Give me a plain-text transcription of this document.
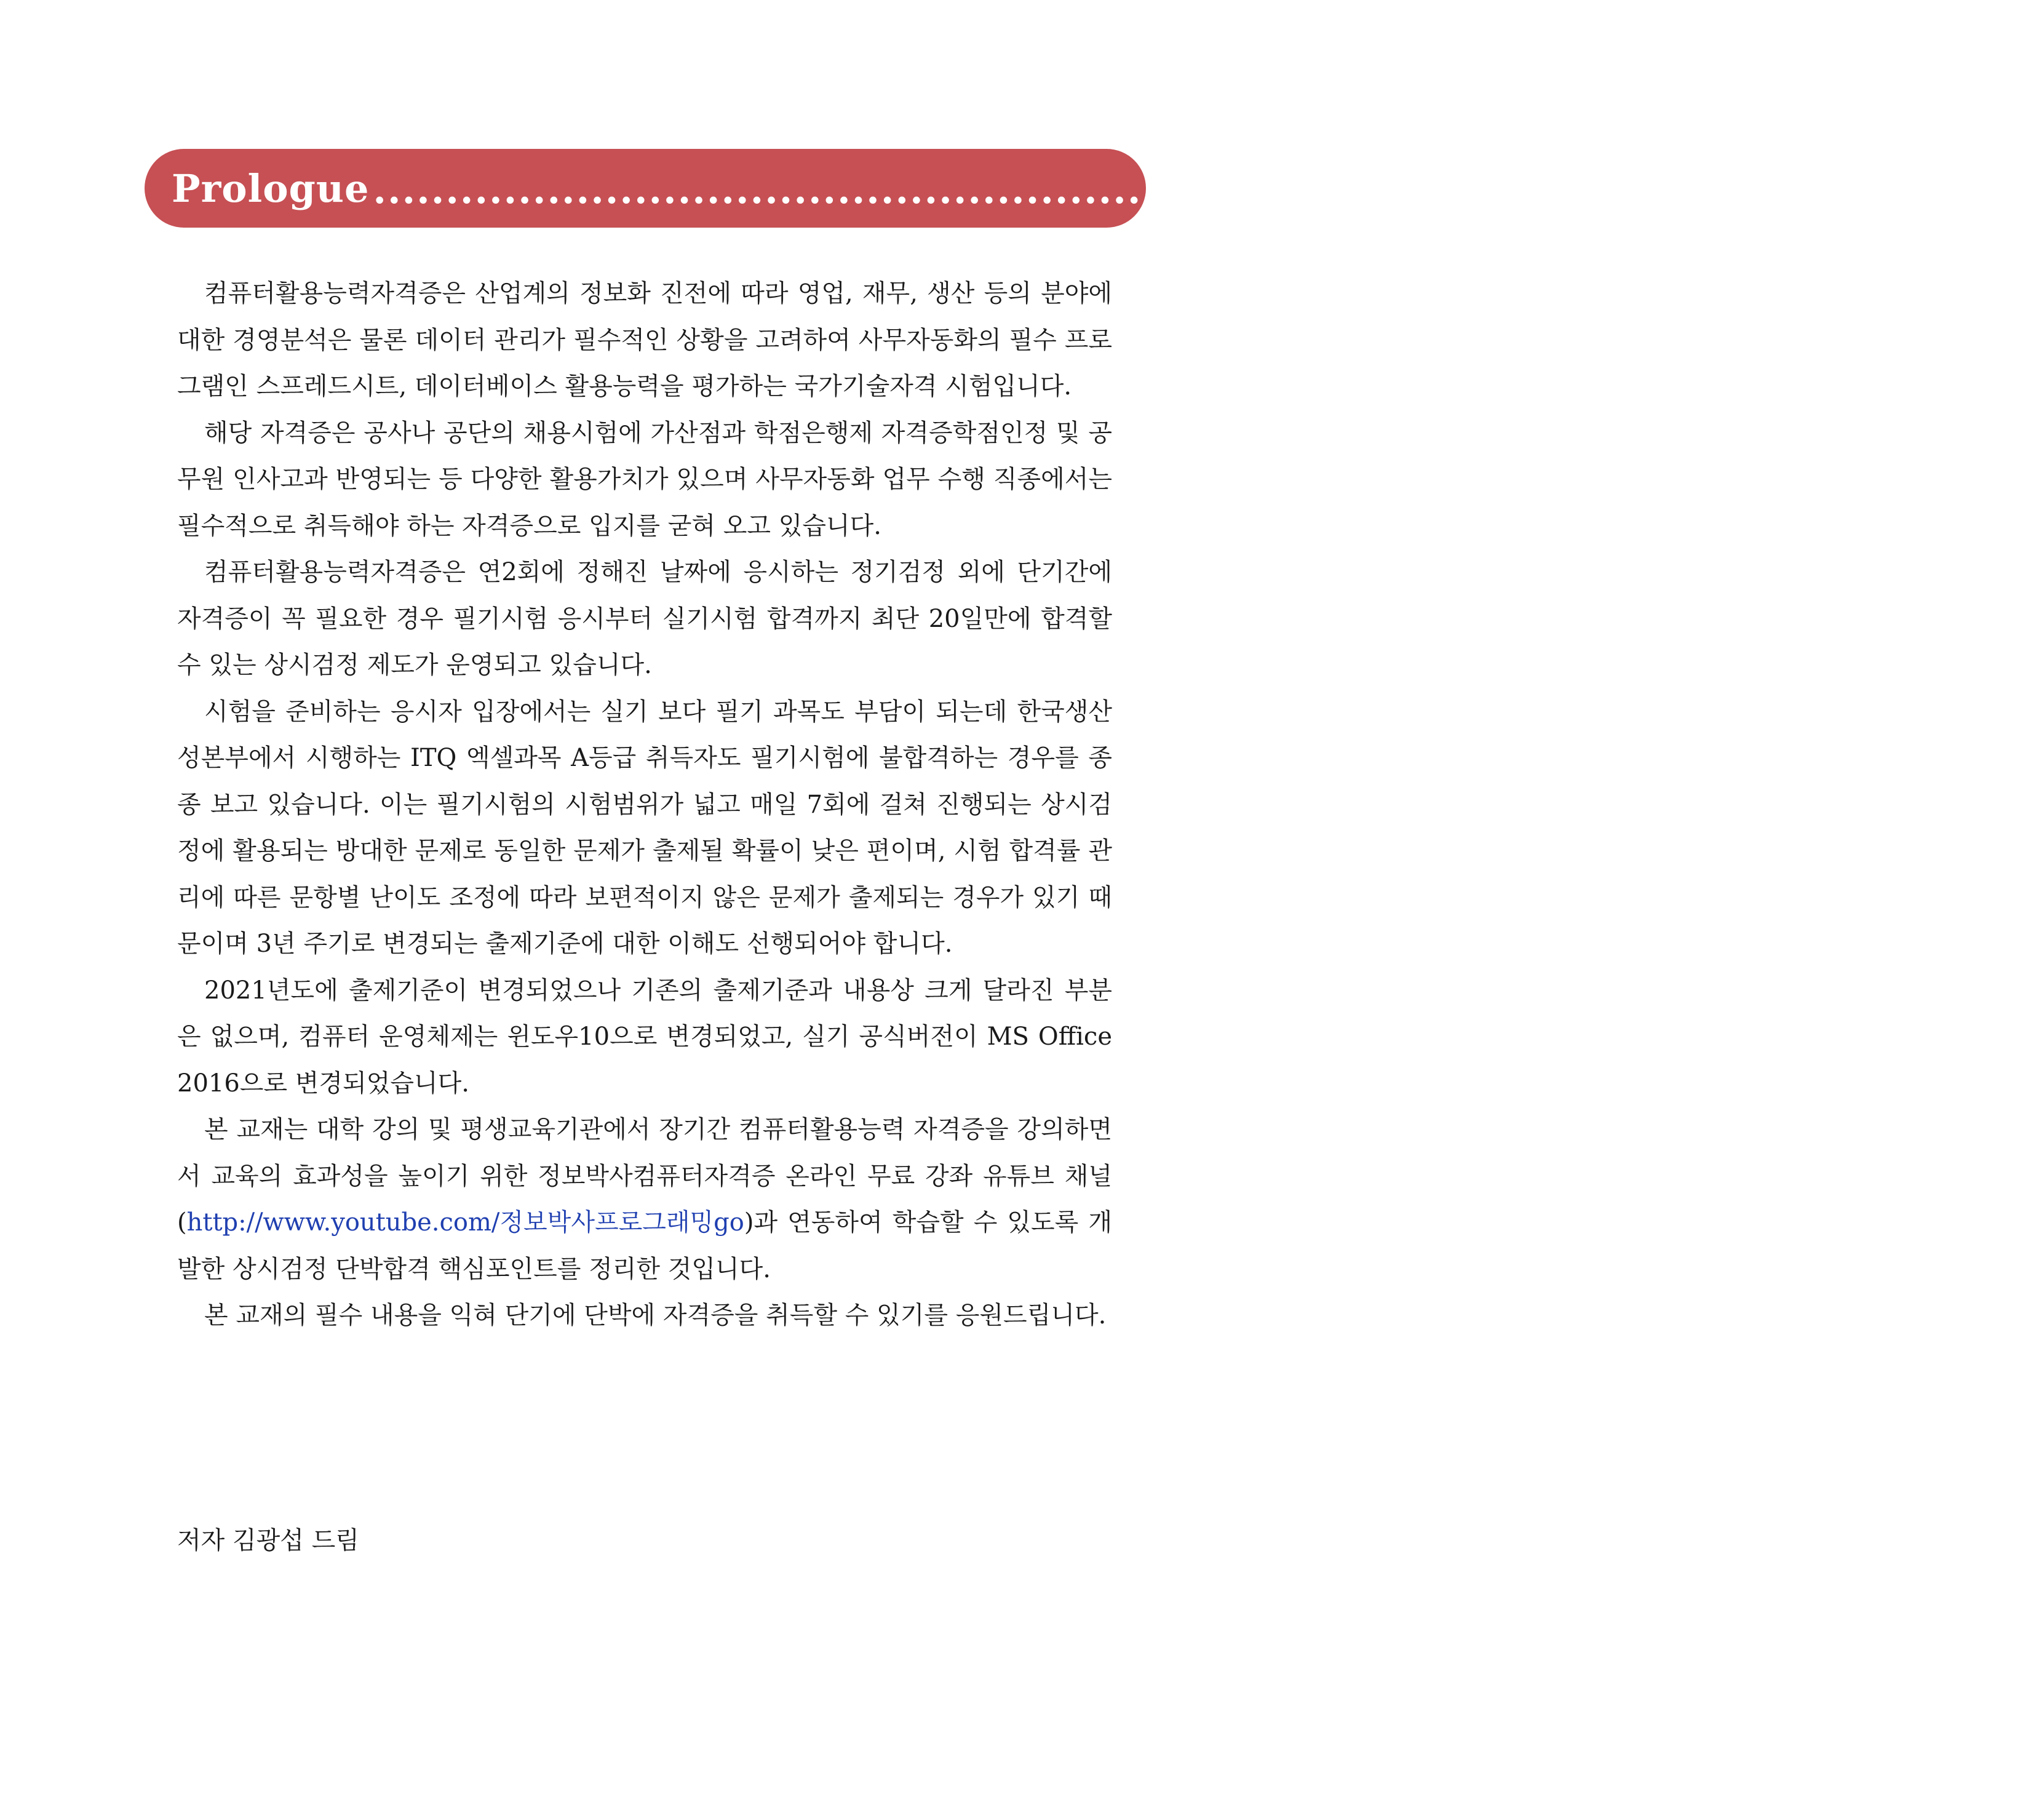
Prologue .............................................................................................................. 서문

컴퓨터활용능력자격증은 산업계의 정보화 진전에 따라 영업, 재무, 생산 등의 분야에 대한 경영분석은 물론 데이터 관리가 필수적인 상황을 고려하여 사무자동화의 필수 프로그램인 스프레드시트, 데이터베이스 활용능력을 평가하는 국가기술자격 시험입니다.

해당 자격증은 공사나 공단의 채용시험에 가산점과 학점은행제 자격증학점인정 및 공무원 인사고과 반영되는 등 다양한 활용가치가 있으며 사무자동화 업무 수행 직종에서는 필수적으로 취득해야 하는 자격증으로 입지를 굳혀 오고 있습니다.

컴퓨터활용능력자격증은 연2회에 정해진 날짜에 응시하는 정기검정 외에 단기간에 자격증이 꼭 필요한 경우 필기시험 응시부터 실기시험 합격까지 최단 20일만에 합격할 수 있는 상시검정 제도가 운영되고 있습니다.

시험을 준비하는 응시자 입장에서는 실기 보다 필기 과목도 부담이 되는데 한국생산성본부에서 시행하는 ITQ 엑셀과목 A등급 취득자도 필기시험에 불합격하는 경우를 종종 보고 있습니다. 이는 필기시험의 시험범위가 넓고 매일 7회에 걸쳐 진행되는 상시검정에 활용되는 방대한 문제로 동일한 문제가 출제될 확률이 낮은 편이며, 시험 합격률 관리에 따른 문항별 난이도 조정에 따라 보편적이지 않은 문제가 출제되는 경우가 있기 때문이며 3년 주기로 변경되는 출제기준에 대한 이해도 선행되어야 합니다.

2021년도에 출제기준이 변경되었으나 기존의 출제기준과 내용상 크게 달라진 부분은 없으며, 컴퓨터 운영체제는 윈도우10으로 변경되었고, 실기 공식버전이 MS Office 2016으로 변경되었습니다.

본 교재는 대학 강의 및 평생교육기관에서 장기간 컴퓨터활용능력 자격증을 강의하면서 교육의 효과성을 높이기 위한 정보박사컴퓨터자격증 온라인 무료 강좌 유튜브 채널(http://www.youtube.com/정보박사프로그래밍go)과 연동하여 학습할 수 있도록 개발한 상시검정 단박합격 핵심포인트를 정리한 것입니다.

본 교재의 필수 내용을 익혀 단기에 단박에 자격증을 취득할 수 있기를 응원드립니다.

저자 김광섭 드림
